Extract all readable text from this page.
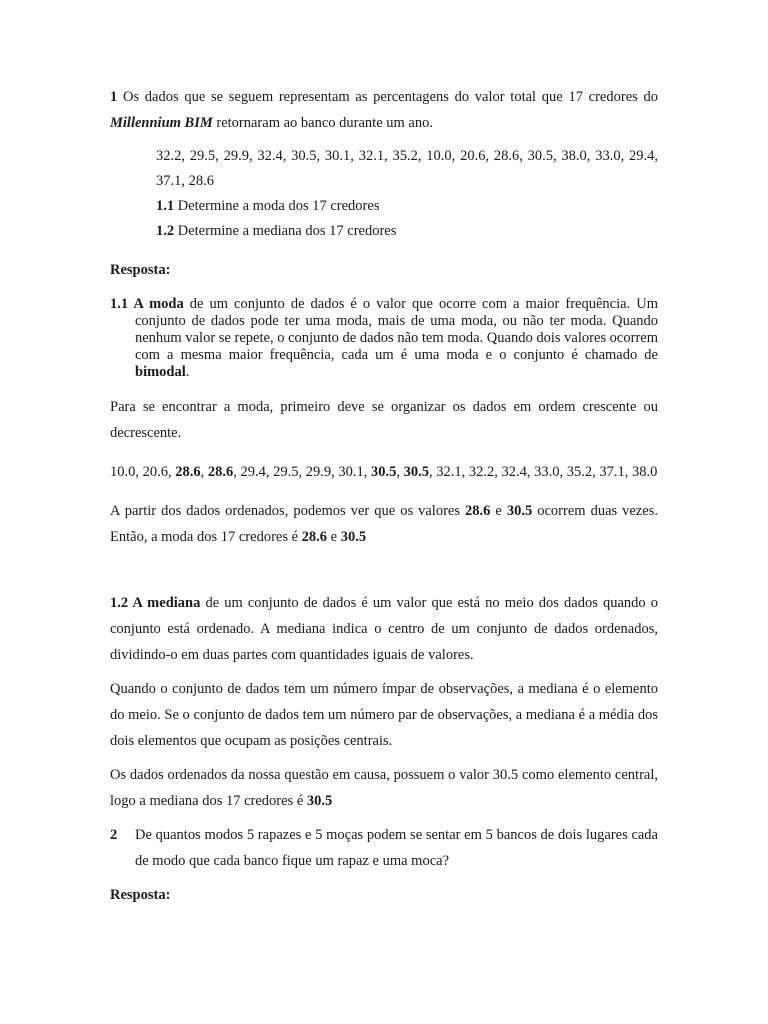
1 Os dados que se seguem representam as percentagens do valor total que 17 credores do Millennium BIM retornaram ao banco durante um ano.

32.2, 29.5, 29.9, 32.4, 30.5, 30.1, 32.1, 35.2, 10.0, 20.6, 28.6, 30.5, 38.0, 33.0, 29.4, 37.1, 28.6

1.1 Determine a moda dos 17 credores

1.2 Determine a mediana dos 17 credores

Resposta:

1.1 A moda de um conjunto de dados é o valor que ocorre com a maior frequência. Um conjunto de dados pode ter uma moda, mais de uma moda, ou não ter moda. Quando nenhum valor se repete, o conjunto de dados não tem moda. Quando dois valores ocorrem com a mesma maior frequência, cada um é uma moda e o conjunto é chamado de bimodal.

Para se encontrar a moda, primeiro deve se organizar os dados em ordem crescente ou decrescente.

10.0, 20.6, 28.6, 28.6, 29.4, 29.5, 29.9, 30.1, 30.5, 30.5, 32.1, 32.2, 32.4, 33.0, 35.2, 37.1, 38.0

A partir dos dados ordenados, podemos ver que os valores 28.6 e 30.5 ocorrem duas vezes. Então, a moda dos 17 credores é 28.6 e 30.5

1.2 A mediana de um conjunto de dados é um valor que está no meio dos dados quando o conjunto está ordenado. A mediana indica o centro de um conjunto de dados ordenados, dividindo-o em duas partes com quantidades iguais de valores.

Quando o conjunto de dados tem um número ímpar de observações, a mediana é o elemento do meio. Se o conjunto de dados tem um número par de observações, a mediana é a média dos dois elementos que ocupam as posições centrais.

Os dados ordenados da nossa questão em causa, possuem o valor 30.5 como elemento central, logo a mediana dos 17 credores é 30.5

2 De quantos modos 5 rapazes e 5 moças podem se sentar em 5 bancos de dois lugares cada de modo que cada banco fique um rapaz e uma moca?

Resposta:
